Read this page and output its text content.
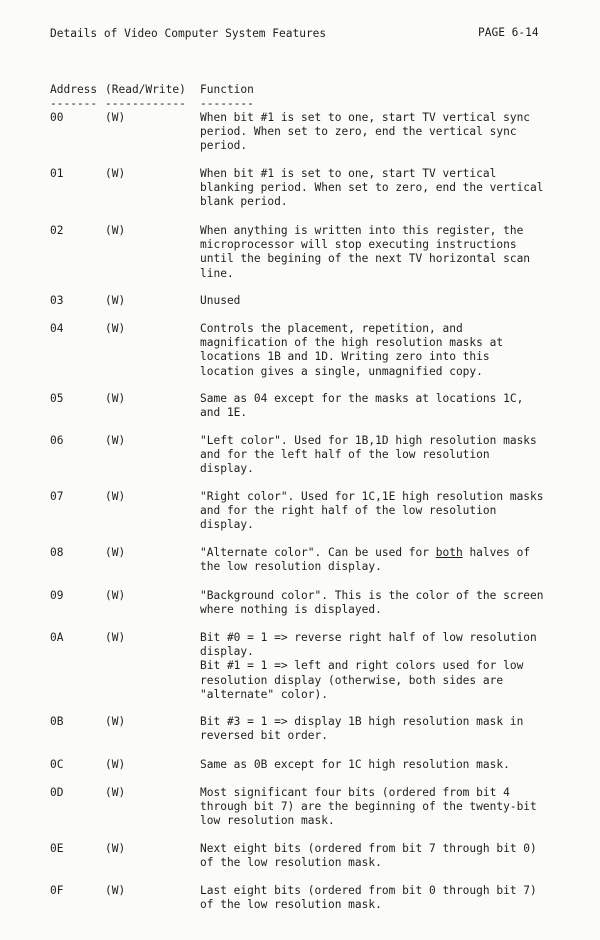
Details of Video Computer System Features	PAGE 6-14
Address (Read/Write) Function
------- ------------ --------
00	(W)	When bit #1 is set to one, start TV vertical sync period. When set to zero, end the vertical sync period.

01	(W)	When bit #1 is set to one, start TV vertical blanking period. When set to zero, end the vertical blank period.

02	(W)	When anything is written into this register, the microprocessor will stop executing instructions until the begining of the next TV horizontal scan line.

03	(W)	Unused

04	(W)	Controls the placement, repetition, and magnification of the high resolution masks at locations 1B and 1D. Writing zero into this location gives a single, unmagnified copy.

05	(W)	Same as 04 except for the masks at locations 1C, and 1E.

06	(W)	"Left color". Used for 1B,1D high resolution masks and for the left half of the low resolution display.

07	(W)	"Right color". Used for 1C,1E high resolution masks and for the right half of the low resolution display.

08	(W)	"Alternate color". Can be used for both halves of the low resolution display.

09	(W)	"Background color". This is the color of the screen where nothing is displayed.

0A	(W)	Bit #0 = 1 => reverse right half of low resolution display.

Bit #1 = 1 => left and right colors used for low resolution display (otherwise, both sides are "alternate" color).

0B	(W)	Bit #3 = 1 => display 1B high resolution mask in reversed bit order.

0C	(W)	Same as 0B except for 1C high resolution mask.

0D	(W)	Most significant four bits (ordered from bit 4 through bit 7) are the beginning of the twenty-bit low resolution mask.

0E	(W)	Next eight bits (ordered from bit 7 through bit 0) of the low resolution mask.

0F	(W)	Last eight bits (ordered from bit 0 through bit 7) of the low resolution mask.
